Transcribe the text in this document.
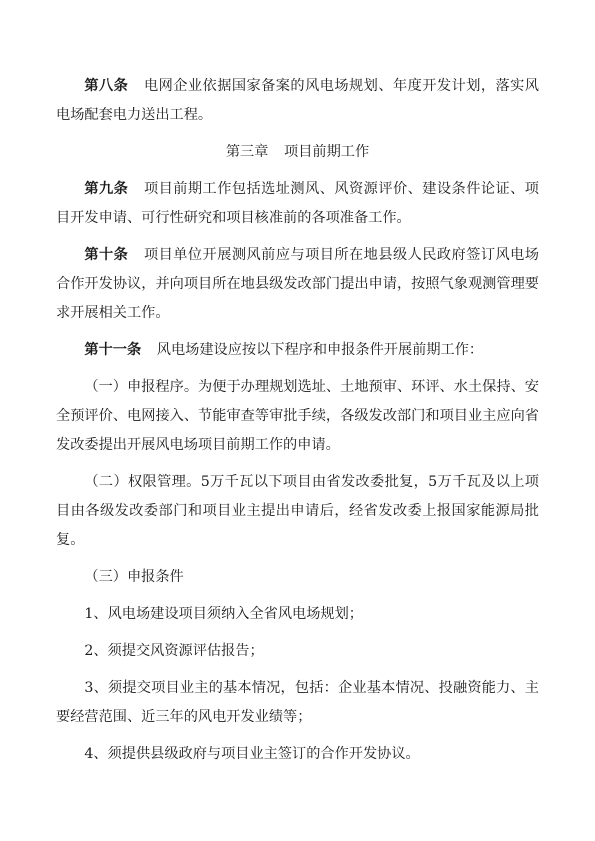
第八条 电网企业依据国家备案的风电场规划、年度开发计划，落实风电场配套电力送出工程。

第三章 项目前期工作

第九条 项目前期工作包括选址测风、风资源评价、建设条件论证、项目开发申请、可行性研究和项目核准前的各项准备工作。

第十条 项目单位开展测风前应与项目所在地县级人民政府签订风电场合作开发协议，并向项目所在地县级发改部门提出申请，按照气象观测管理要求开展相关工作。

第十一条 风电场建设应按以下程序和申报条件开展前期工作：

（一）申报程序。为便于办理规划选址、土地预审、环评、水土保持、安全预评价、电网接入、节能审查等审批手续，各级发改部门和项目业主应向省发改委提出开展风电场项目前期工作的申请。

（二）权限管理。5万千瓦以下项目由省发改委批复，5万千瓦及以上项目由各级发改委部门和项目业主提出申请后，经省发改委上报国家能源局批复。

（三）申报条件

1、风电场建设项目须纳入全省风电场规划；

2、须提交风资源评估报告；

3、须提交项目业主的基本情况，包括：企业基本情况、投融资能力、主要经营范围、近三年的风电开发业绩等；

4、须提供县级政府与项目业主签订的合作开发协议。
